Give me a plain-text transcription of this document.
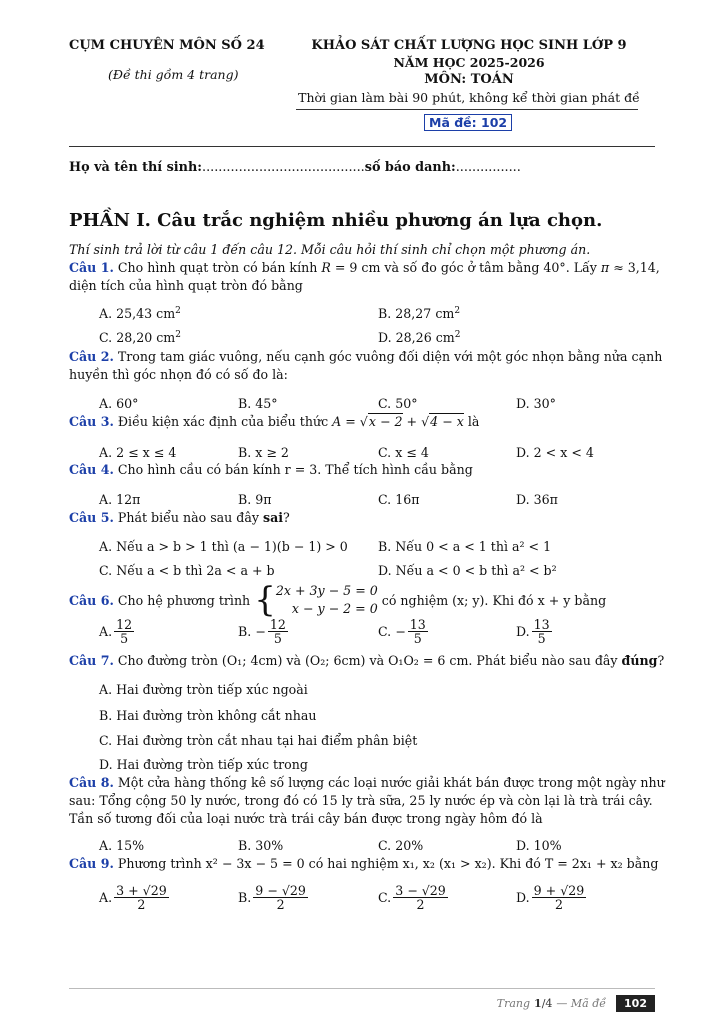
CỤM CHUYÊN MÔN SỐ 24
(Đề thi gồm 4 trang)
KHẢO SÁT CHẤT LƯỢNG HỌC SINH LỚP 9
NĂM HỌC 2025-2026
MÔN: TOÁN
Thời gian làm bài 90 phút, không kể thời gian phát đề
Mã đề: 102
Họ và tên thí sinh:........................................số báo danh:................
PHẦN I. Câu trắc nghiệm nhiều phương án lựa chọn.
Thí sinh trả lời từ câu 1 đến câu 12. Mỗi câu hỏi thí sinh chỉ chọn một phương án.
Câu 1. Cho hình quạt tròn có bán kính R = 9 cm và số đo góc ở tâm bằng 40°. Lấy π ≈ 3,14,
diện tích của hình quạt tròn đó bằng
A. 25,43 $cm^2$	B. 28,27 $cm^2$
C. 28,20 $cm^2$	D. 28,26 $cm^2$
Câu 2. Trong tam giác vuông, nếu cạnh góc vuông đối diện với một góc nhọn bằng nửa cạnh
huyền thì góc nhọn đó có số đo là:
A. 60°	B. 45°	C. 50°	D. 30°
Câu 3. Điều kiện xác định của biểu thức A = √x − 2 + √4 − x là
A. 2 ≤ x ≤ 4	B. x ≥ 2	C. x ≤ 4	D. 2 < x < 4
Câu 4. Cho hình cầu có bán kính r = 3. Thể tích hình cầu bằng
A. 12π	B. 9π	C. 16π	D. 36π
Câu 5. Phát biểu nào sau đây sai?
A. Nếu a > b > 1 thì (a − 1)(b − 1) > 0 B. Nếu 0 < a < 1 thì a² < 1
C. Nếu a < b thì 2a < a + b	D. Nếu a < 0 < b thì a² < b²
Câu 6.
Cho hệ phương trình
{ 2x + 3y − 5 = 0
x − y − 2 = 0

có nghiệm (x; y). Khi đó x + y bằng
A. $\frac{12}{5}$	B. − $\frac{12}{5}$	C. − $\frac{13}{5}$	D. $\frac{13}{5}$
Câu 7. Cho đường tròn (O₁; 4cm) và (O₂; 6cm) và O₁O₂ = 6 cm. Phát biểu nào sau đây đúng?
A. Hai đường tròn tiếp xúc ngoài
B. Hai đường tròn không cắt nhau
C. Hai đường tròn cắt nhau tại hai điểm phân biệt
D. Hai đường tròn tiếp xúc trong
Câu 8. Một cửa hàng thống kê số lượng các loại nước giải khát bán được trong một ngày như
sau: Tổng cộng 50 ly nước, trong đó có 15 ly trà sữa, 25 ly nước ép và còn lại là trà trái cây.
Tần số tương đối của loại nước trà trái cây bán được trong ngày hôm đó là
A. 15%	B. 30%	C. 20%	D. 10%
Câu 9. Phương trình x² − 3x − 5 = 0 có hai nghiệm x₁, x₂ (x₁ > x₂). Khi đó T = 2x₁ + x₂ bằng
A. $\frac{3 + √29}{2}$	B. $\frac{9 - √29}{2}$	C. $\frac{3 - √29}{2}$	D. $\frac{9 + √29}{2}$
Trang 1/4 — Mã đề	102
